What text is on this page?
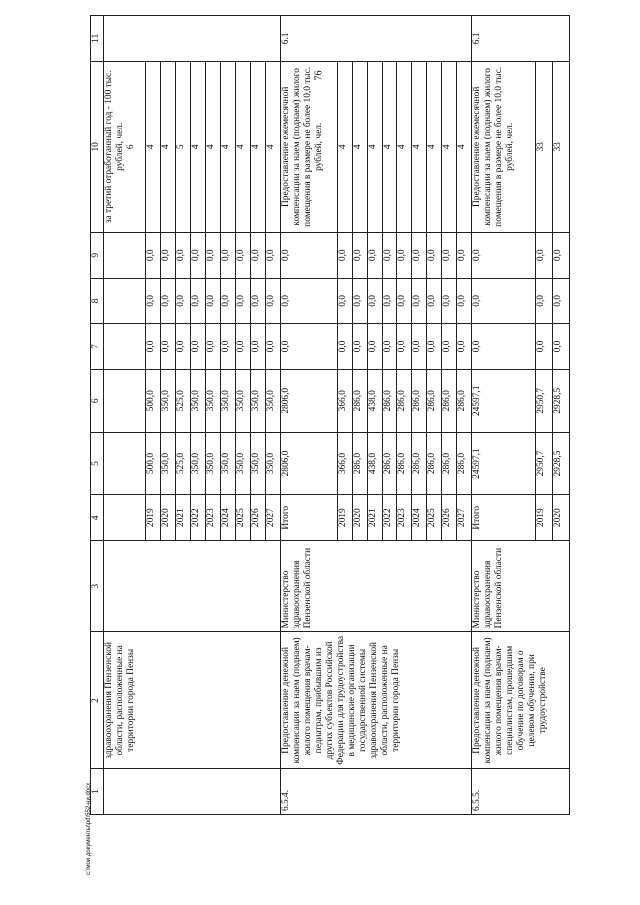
76
1	2	3	4	5	6	7	8	9	10	11
	здравоохранения Пензенской области, расположенные на территории города Пензы								за третий отработанный год - 100 тыс. рублей, чел. 6	

			2019	500,0	500,0	0,0	0,0	0,0	4	
			2020	350,0	350,0	0,0	0,0	0,0	4	
			2021	525,0	525,0	0,0	0,0	0,0	5	
			2022	350,0	350,0	0,0	0,0	0,0	4	
			2023	350,0	350,0	0,0	0,0	0,0	4	
			2024	350,0	350,0	0,0	0,0	0,0	4	
			2025	350,0	350,0	0,0	0,0	0,0	4	
			2026	350,0	350,0	0,0	0,0	0,0	4	
			2027	350,0	350,0	0,0	0,0	0,0	4	
6.5.4.	Предоставление денежной компенсации за наем (поднаем) жилого помещения врачам-педиатрам, прибывшим из других субъектов Российской Федерации для трудоустройства в медицинские организации государственной системы здравоохранения Пензенской области, расположенные на территории города Пензы	Министерство здравоохранения Пензенской области	Итого	2806,0	2806,0	0,0	0,0	0,0	Предоставление ежемесячной компенсации за наем (поднаем) жилого помещения в размере не более 10,0 тыс. рублей, чел.	6.1
			2019	366,0	366,0	0,0	0,0	0,0	4	
			2020	286,0	286,0	0,0	0,0	0,0	4	
			2021	438,0	438,0	0,0	0,0	0,0	4	
			2022	286,0	286,0	0,0	0,0	0,0	4	
			2023	286,0	286,0	0,0	0,0	0,0	4	
			2024	286,0	286,0	0,0	0,0	0,0	4	
			2025	286,0	286,0	0,0	0,0	0,0	4	
			2026	286,0	286,0	0,0	0,0	0,0	4	
			2027	286,0	286,0	0,0	0,0	0,0	4	
6.5.5.	Предоставление денежной компенсации за наем (поднаем) жилого помещения врачам-специалистам, прошедшим обучение по договорам о целевом обучении, при трудоустройстве	Министерство здравоохранения Пензенской области	Итого	24597,1	24597,1	0,0	0,0	0,0	Предоставление ежемесячной компенсации за наем (поднаем) жилого помещения в размере не более 10,0 тыс. рублей, чел.	6.1
			2019	2950,7	2950,7	0,0	0,0	0,0	33	
			2020	2928,5	2928,5	0,0	0,0	0,0	33	
c:\мои документы\pd\552-ни.docx
